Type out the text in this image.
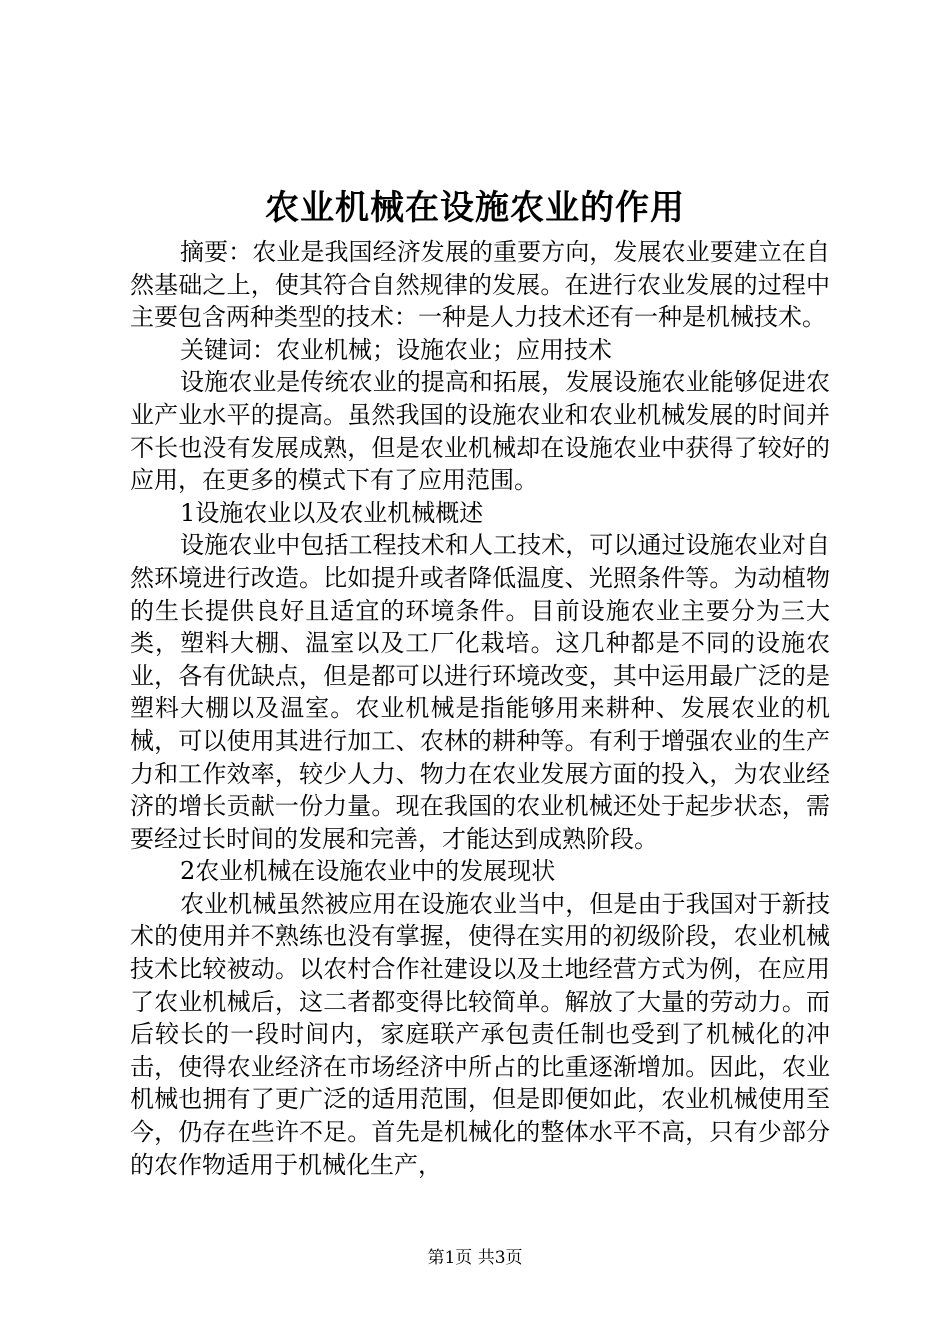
农业机械在设施农业的作用

摘要：农业是我国经济发展的重要方向，发展农业要建立在自然基础之上，使其符合自然规律的发展。在进行农业发展的过程中主要包含两种类型的技术：一种是人力技术还有一种是机械技术。

关键词：农业机械；设施农业；应用技术

设施农业是传统农业的提高和拓展，发展设施农业能够促进农业产业水平的提高。虽然我国的设施农业和农业机械发展的时间并不长也没有发展成熟，但是农业机械却在设施农业中获得了较好的应用，在更多的模式下有了应用范围。

1设施农业以及农业机械概述

设施农业中包括工程技术和人工技术，可以通过设施农业对自然环境进行改造。比如提升或者降低温度、光照条件等。为动植物的生长提供良好且适宜的环境条件。目前设施农业主要分为三大类，塑料大棚、温室以及工厂化栽培。这几种都是不同的设施农业，各有优缺点，但是都可以进行环境改变，其中运用最广泛的是塑料大棚以及温室。农业机械是指能够用来耕种、发展农业的机械，可以使用其进行加工、农林的耕种等。有利于增强农业的生产力和工作效率，较少人力、物力在农业发展方面的投入，为农业经济的增长贡献一份力量。现在我国的农业机械还处于起步状态，需要经过长时间的发展和完善，才能达到成熟阶段。

2农业机械在设施农业中的发展现状

农业机械虽然被应用在设施农业当中，但是由于我国对于新技术的使用并不熟练也没有掌握，使得在实用的初级阶段，农业机械技术比较被动。以农村合作社建设以及土地经营方式为例，在应用了农业机械后，这二者都变得比较简单。解放了大量的劳动力。而后较长的一段时间内，家庭联产承包责任制也受到了机械化的冲击，使得农业经济在市场经济中所占的比重逐渐增加。因此，农业机械也拥有了更广泛的适用范围，但是即便如此，农业机械使用至今，仍存在些许不足。首先是机械化的整体水平不高，只有少部分的农作物适用于机械化生产，

第1页 共3页
